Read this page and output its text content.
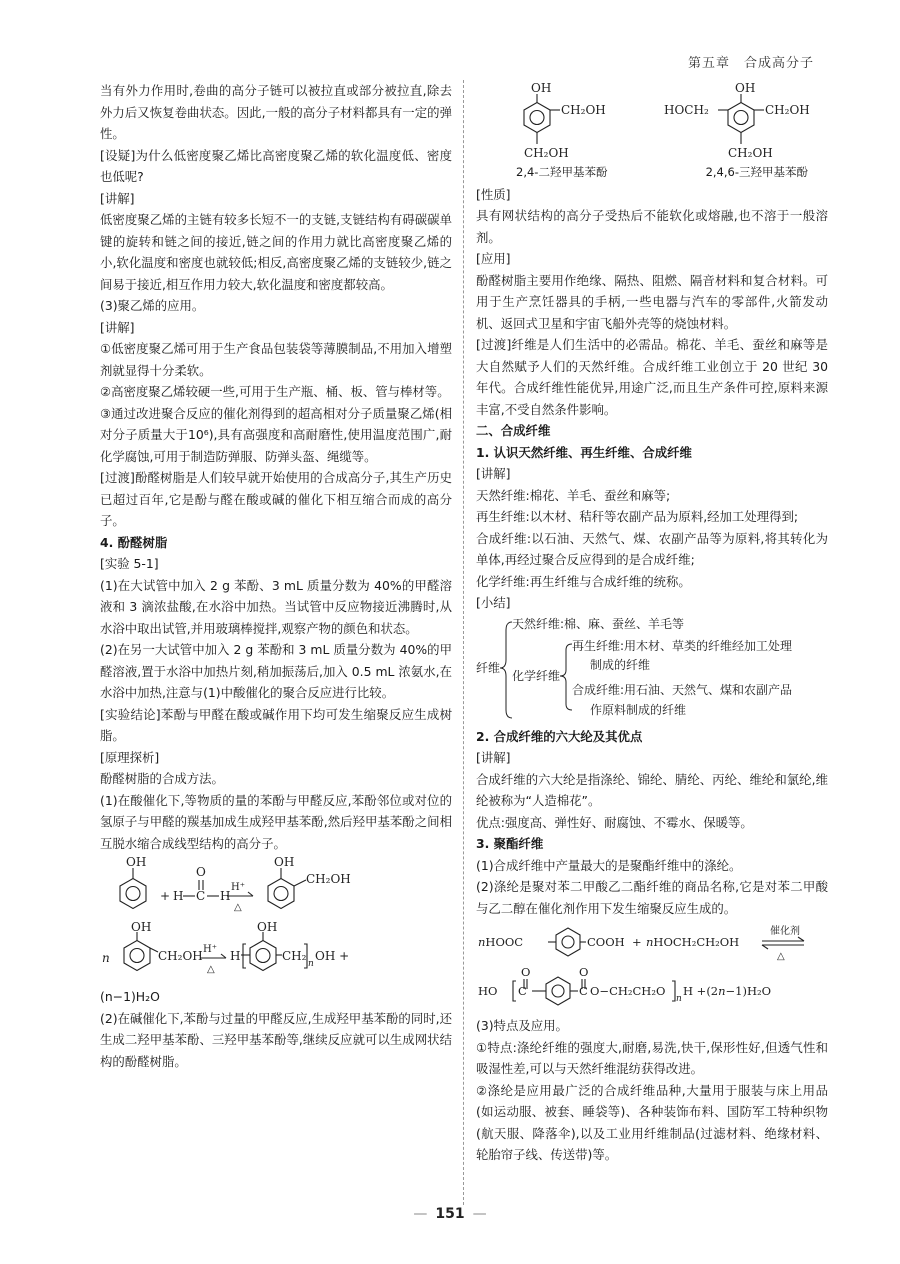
第五章　合成高分子

当有外力作用时,卷曲的高分子链可以被拉直或部分被拉直,除去外力后又恢复卷曲状态。因此,一般的高分子材料都具有一定的弹性。

[设疑]为什么低密度聚乙烯比高密度聚乙烯的软化温度低、密度也低呢?

[讲解]

低密度聚乙烯的主链有较多长短不一的支链,支链结构有碍碳碳单键的旋转和链之间的接近,链之间的作用力就比高密度聚乙烯的小,软化温度和密度也就较低;相反,高密度聚乙烯的支链较少,链之间易于接近,相互作用力较大,软化温度和密度都较高。

(3)聚乙烯的应用。

[讲解]

①低密度聚乙烯可用于生产食品包装袋等薄膜制品,不用加入增塑剂就显得十分柔软。

②高密度聚乙烯较硬一些,可用于生产瓶、桶、板、管与棒材等。

③通过改进聚合反应的催化剂得到的超高相对分子质量聚乙烯(相对分子质量大于10⁶),具有高强度和高耐磨性,使用温度范围广,耐化学腐蚀,可用于制造防弹服、防弹头盔、绳缆等。

[过渡]酚醛树脂是人们较早就开始使用的合成高分子,其生产历史已超过百年,它是酚与醛在酸或碱的催化下相互缩合而成的高分子。

4. 酚醛树脂

[实验 5-1]

(1)在大试管中加入 2 g 苯酚、3 mL 质量分数为 40%的甲醛溶液和 3 滴浓盐酸,在水浴中加热。当试管中反应物接近沸腾时,从水浴中取出试管,并用玻璃棒搅拌,观察产物的颜色和状态。

(2)在另一大试管中加入 2 g 苯酚和 3 mL 质量分数为 40%的甲醛溶液,置于水浴中加热片刻,稍加振荡后,加入 0.5 mL 浓氨水,在水浴中加热,注意与(1)中酸催化的聚合反应进行比较。

[实验结论]苯酚与甲醛在酸或碱作用下均可发生缩聚反应生成树脂。

[原理探析]

酚醛树脂的合成方法。

(1)在酸催化下,等物质的量的苯酚与甲醛反应,苯酚邻位或对位的氢原子与甲醛的羰基加成生成羟甲基苯酚,然后羟甲基苯酚之间相互脱水缩合成线型结构的高分子。

OH
+ H C
O
H
H⁺
△
OH
CH₂OH
n
OH
CH₂OH H⁺
△
H
OH
CH₂
n
OH +

(n−1)H₂O

(2)在碱催化下,苯酚与过量的甲醛反应,生成羟甲基苯酚的同时,还生成二羟甲基苯酚、三羟甲基苯酚等,继续反应就可以生成网状结构的酚醛树脂。

OH
CH₂OH
CH₂OH
OH
CH₂OH
HOCH₂
CH₂OH
2,4-二羟甲基苯酚	2,4,6-三羟甲基苯酚

[性质]

具有网状结构的高分子受热后不能软化或熔融,也不溶于一般溶剂。

[应用]

酚醛树脂主要用作绝缘、隔热、阻燃、隔音材料和复合材料。可用于生产烹饪器具的手柄,一些电器与汽车的零部件,火箭发动机、返回式卫星和宇宙飞船外壳等的烧蚀材料。

[过渡]纤维是人们生活中的必需品。棉花、羊毛、蚕丝和麻等是大自然赋予人们的天然纤维。合成纤维工业创立于 20 世纪 30 年代。合成纤维性能优异,用途广泛,而且生产条件可控,原料来源丰富,不受自然条件影响。

二、合成纤维

1. 认识天然纤维、再生纤维、合成纤维

[讲解]

天然纤维:棉花、羊毛、蚕丝和麻等;

再生纤维:以木材、秸秆等农副产品为原料,经加工处理得到;

合成纤维:以石油、天然气、煤、农副产品等为原料,将其转化为单体,再经过聚合反应得到的是合成纤维;

化学纤维:再生纤维与合成纤维的统称。

[小结]

纤维
天然纤维:棉、麻、蚕丝、羊毛等
化学纤维
再生纤维:用木材、草类的纤维经加工处理
制成的纤维
合成纤维:用石油、天然气、煤和农副产品
作原料制成的纤维

2. 合成纤维的六大纶及其优点

[讲解]

合成纤维的六大纶是指涤纶、锦纶、腈纶、丙纶、维纶和氯纶,维纶被称为“人造棉花”。

优点:强度高、弹性好、耐腐蚀、不霉水、保暖等。

3. 聚酯纤维

(1)合成纤维中产量最大的是聚酯纤维中的涤纶。

(2)涤纶是聚对苯二甲酸乙二酯纤维的商品名称,它是对苯二甲酸与乙二醇在催化剂作用下发生缩聚反应生成的。

nHOOC	COOH + nHOCH₂CH₂OH
催化剂
△
O	O
HO C	C O−CH₂CH₂O
n
H +(2n−1)H₂O

(3)特点及应用。

①特点:涤纶纤维的强度大,耐磨,易洗,快干,保形性好,但透气性和吸湿性差,可以与天然纤维混纺获得改进。

②涤纶是应用最广泛的合成纤维品种,大量用于服装与床上用品(如运动服、被套、睡袋等)、各种装饰布料、国防军工特种织物(航天服、降落伞),以及工业用纤维制品(过滤材料、绝缘材料、轮胎帘子线、传送带)等。

— 151 —
